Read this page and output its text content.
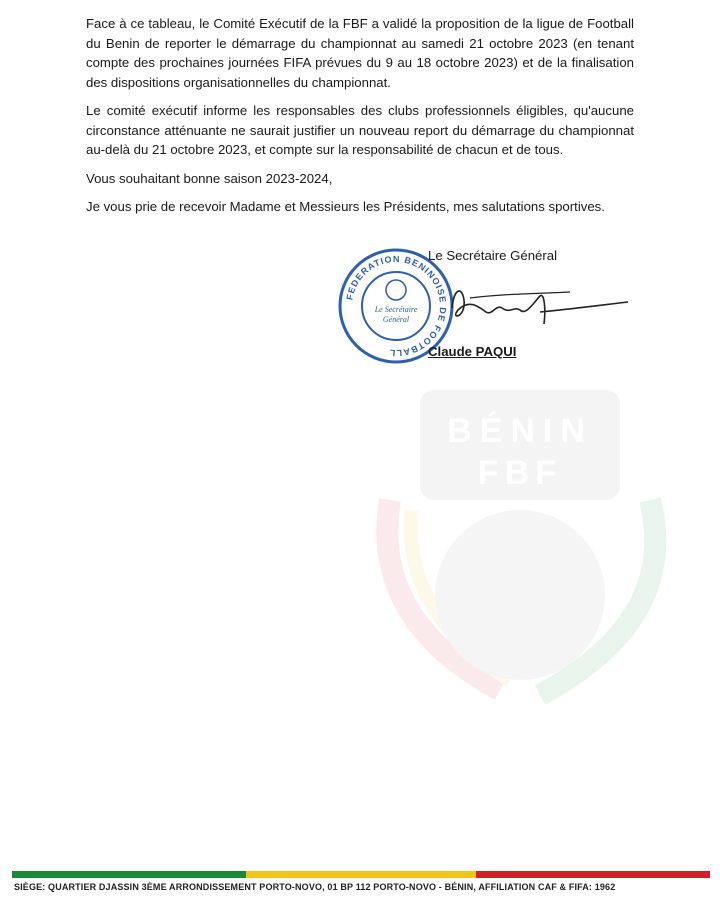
BÉNIN
FBF

Face à ce tableau, le Comité Exécutif de la FBF a validé la proposition de la ligue de Football du Benin de reporter le démarrage du championnat au samedi 21 octobre 2023 (en tenant compte des prochaines journées FIFA prévues du 9 au 18 octobre 2023) et de la finalisation des dispositions organisationnelles du championnat.

Le comité exécutif informe les responsables des clubs professionnels éligibles, qu'aucune circonstance atténuante ne saurait justifier un nouveau report du démarrage du championnat au-delà du 21 octobre 2023, et compte sur la responsabilité de chacun et de tous.

Vous souhaitant bonne saison 2023-2024,

Je vous prie de recevoir Madame et Messieurs les Présidents, mes salutations sportives.

FEDERATION BENINOISE DE FOOTBALL
Le Secrétaire
Général
Le Secrétaire Général
Claude PAQUI
SIÈGE: QUARTIER DJASSIN 3ÈME ARRONDISSEMENT PORTO-NOVO, 01 BP 112 PORTO-NOVO - BÉNIN, AFFILIATION CAF & FIFA: 1962
